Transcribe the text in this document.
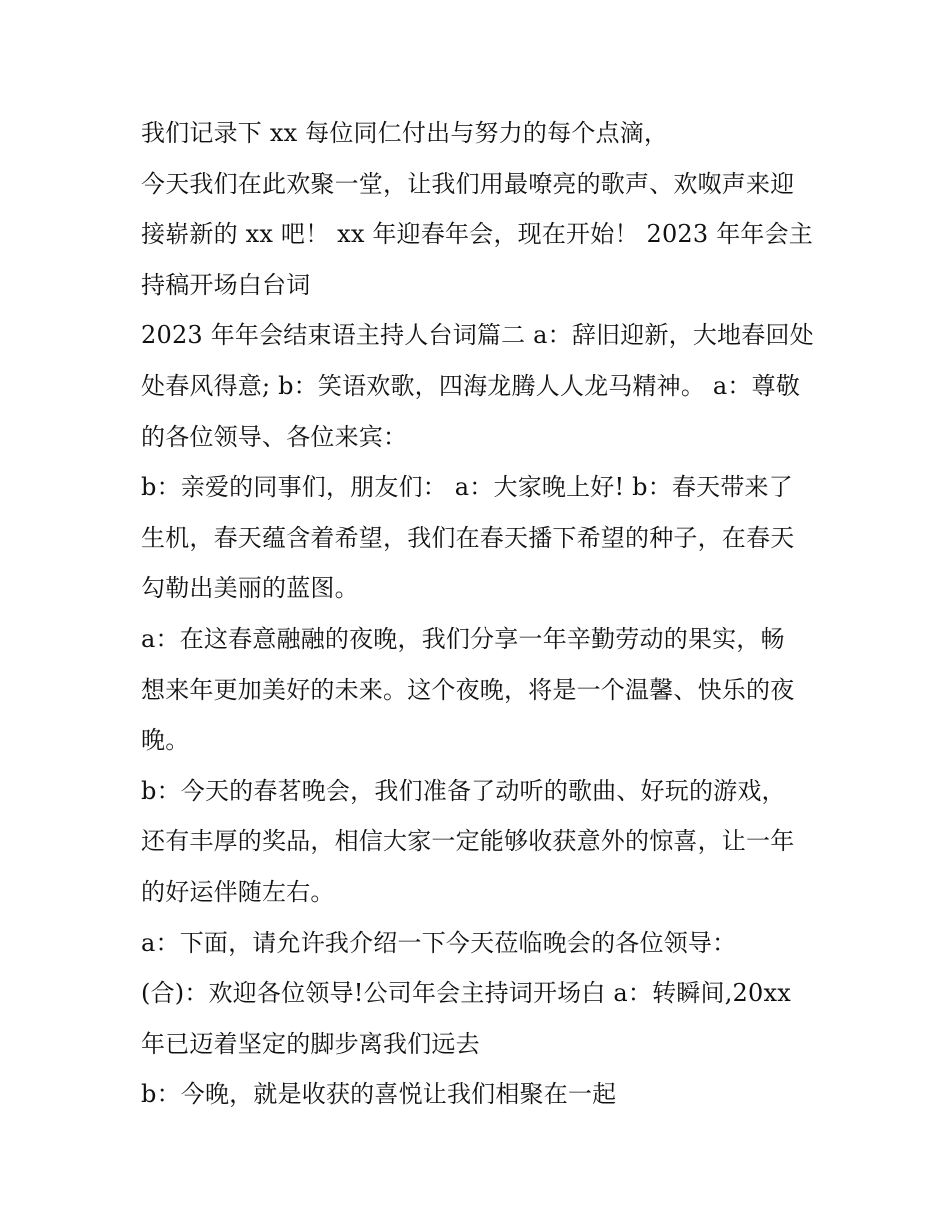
我们记录下 xx 每位同仁付出与努力的每个点滴，
今天我们在此欢聚一堂，让我们用最嘹亮的歌声、欢呶声来迎
接崭新的 xx 吧！ xx 年迎春年会，现在开始！ 2023 年年会主
持稿开场白台词
2023 年年会结束语主持人台词篇二 a：辞旧迎新，大地春回处
处春风得意; b：笑语欢歌，四海龙腾人人龙马精神。 a：尊敬
的各位领导、各位来宾：
b：亲爱的同事们，朋友们： a：大家晚上好! b：春天带来了
生机，春天蕴含着希望，我们在春天播下希望的种子，在春天
勾勒出美丽的蓝图。
a：在这春意融融的夜晚，我们分享一年辛勤劳动的果实，畅
想来年更加美好的未来。这个夜晚，将是一个温馨、快乐的夜
晚。
b：今天的春茗晚会，我们准备了动听的歌曲、好玩的游戏，
还有丰厚的奖品，相信大家一定能够收获意外的惊喜，让一年
的好运伴随左右。
a：下面，请允许我介绍一下今天莅临晚会的各位领导：
(合)：欢迎各位领导!公司年会主持词开场白 a：转瞬间,20xx
年已迈着坚定的脚步离我们远去
b：今晚，就是收获的喜悦让我们相聚在一起
